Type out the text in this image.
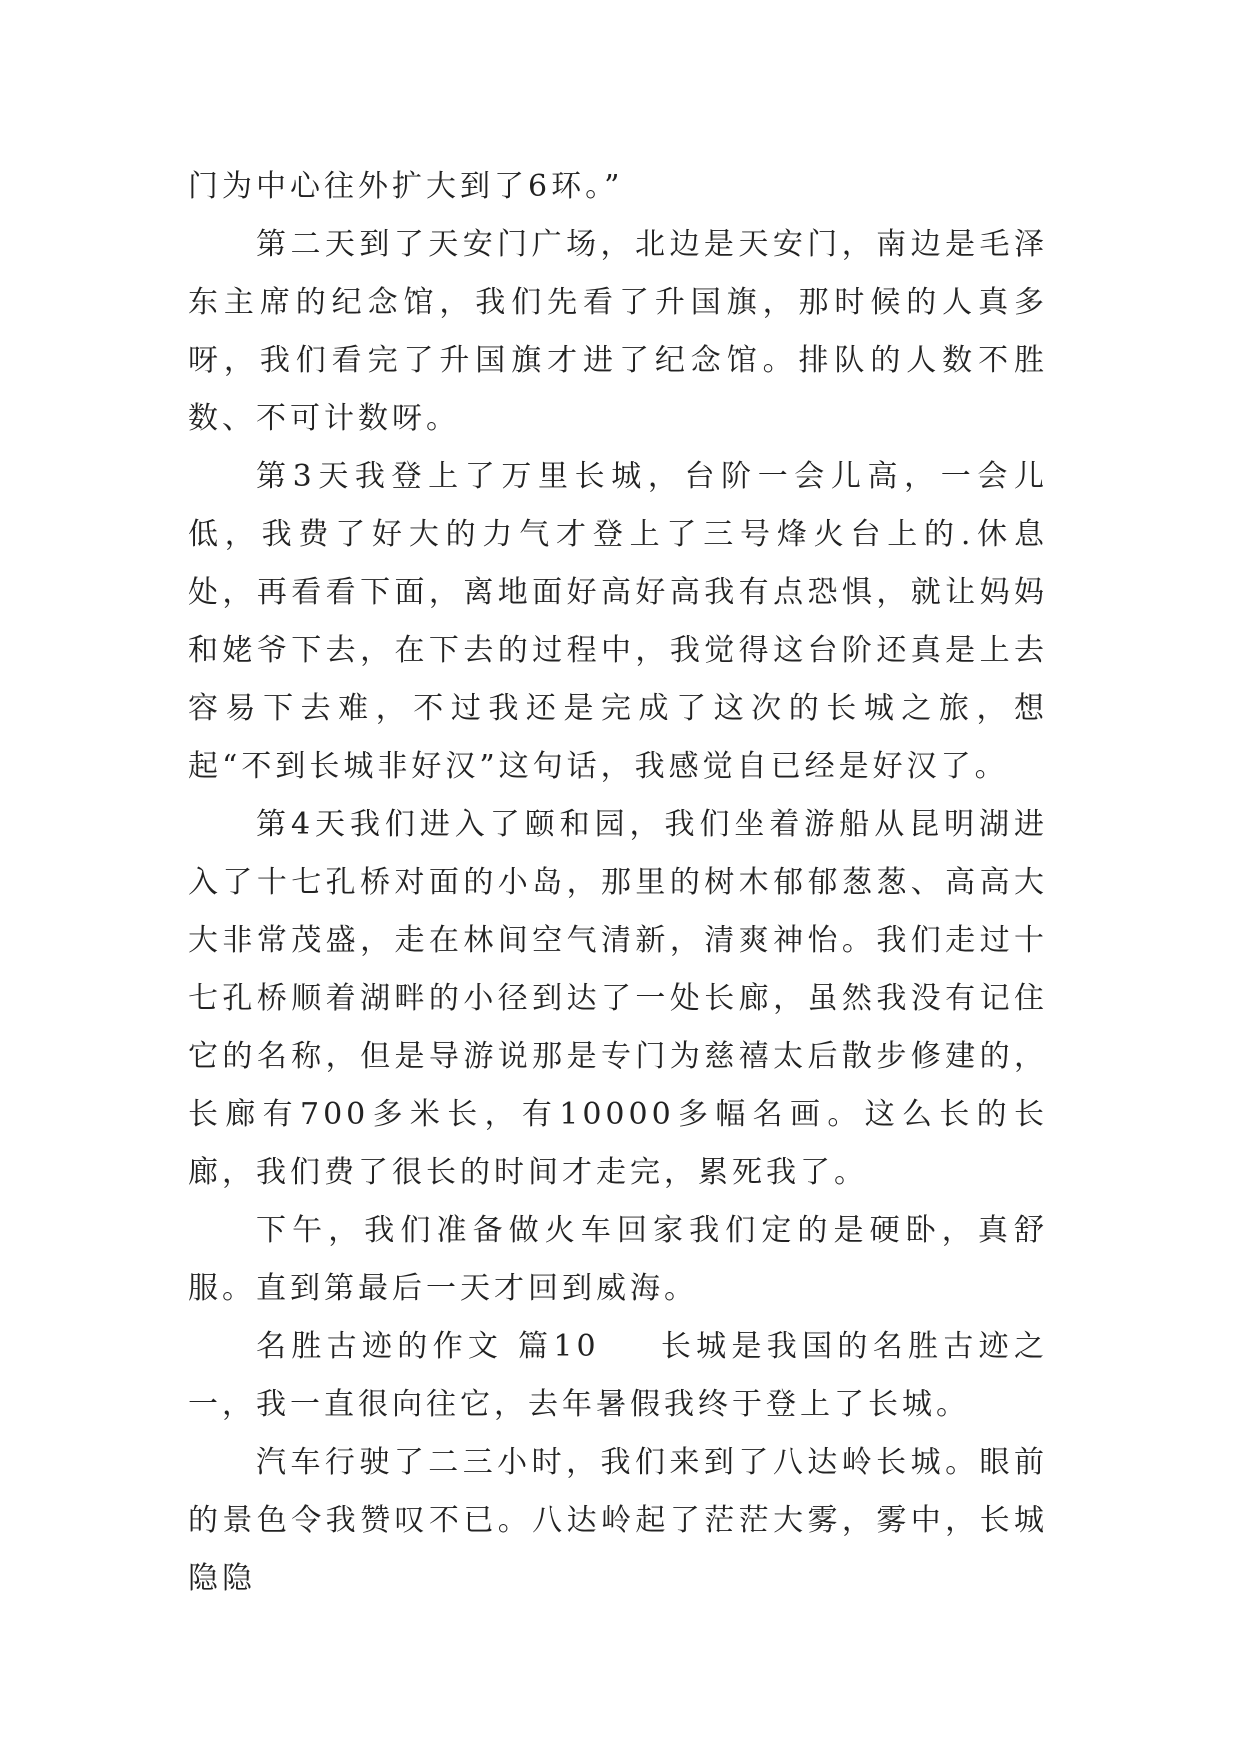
门为中心往外扩大到了6环。”

第二天到了天安门广场，北边是天安门，南边是毛泽东主席的纪念馆，我们先看了升国旗，那时候的人真多呀，我们看完了升国旗才进了纪念馆。排队的人数不胜数、不可计数呀。

第3天我登上了万里长城，台阶一会儿高，一会儿低，我费了好大的力气才登上了三号烽火台上的.休息处，再看看下面，离地面好高好高我有点恐惧，就让妈妈和姥爷下去，在下去的过程中，我觉得这台阶还真是上去容易下去难，不过我还是完成了这次的长城之旅，想起“不到长城非好汉”这句话，我感觉自已经是好汉了。

第4天我们进入了颐和园，我们坐着游船从昆明湖进入了十七孔桥对面的小岛，那里的树木郁郁葱葱、高高大大非常茂盛，走在林间空气清新，清爽神怡。我们走过十七孔桥顺着湖畔的小径到达了一处长廊，虽然我没有记住它的名称，但是导游说那是专门为慈禧太后散步修建的，长廊有700多米长，有10000多幅名画。这么长的长廊，我们费了很长的时间才走完，累死我了。

下午，我们准备做火车回家我们定的是硬卧，真舒服。直到第最后一天才回到威海。

名胜古迹的作文 篇10 长城是我国的名胜古迹之一，我一直很向往它，去年暑假我终于登上了长城。

汽车行驶了二三小时，我们来到了八达岭长城。眼前的景色令我赞叹不已。八达岭起了茫茫大雾，雾中，长城隐隐
